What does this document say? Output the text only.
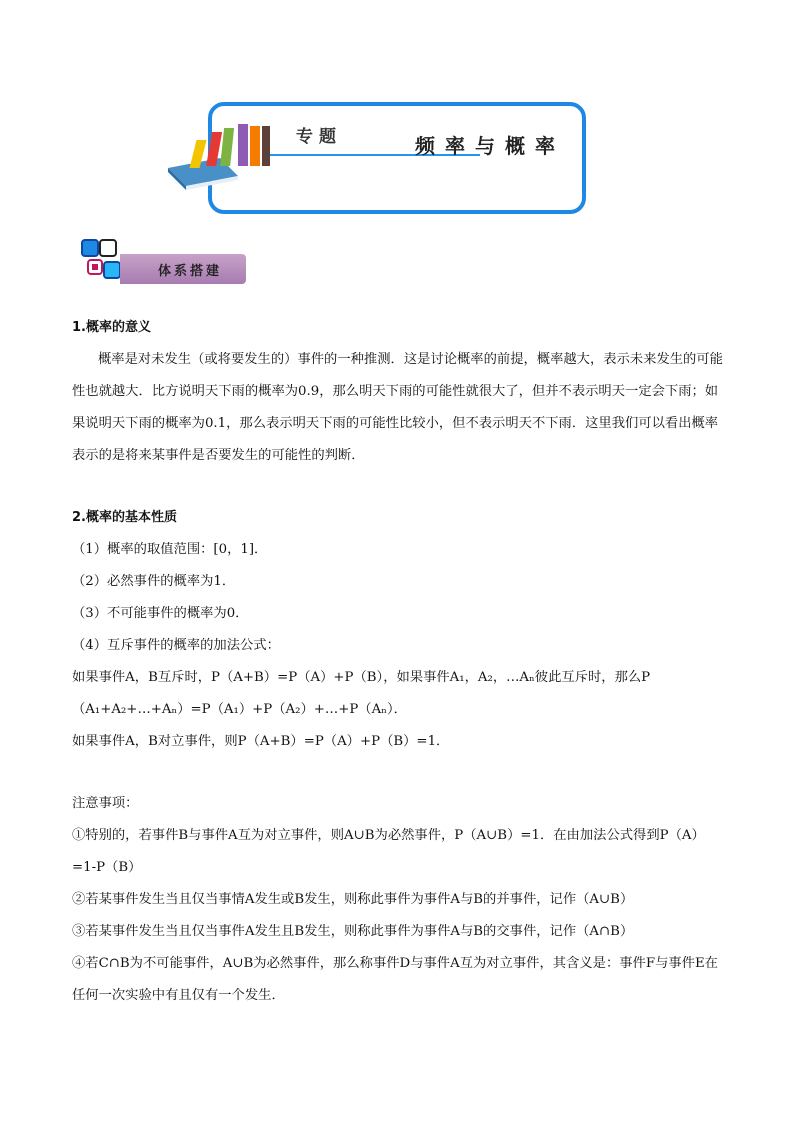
专题	频率与概率
体系搭建
1.概率的意义
概率是对未发生（或将要发生的）事件的一种推测．这是讨论概率的前提，概率越大，表示未来发生的可能性也就越大．比方说明天下雨的概率为0.9，那么明天下雨的可能性就很大了，但并不表示明天一定会下雨；如果说明天下雨的概率为0.1，那么表示明天下雨的可能性比较小，但不表示明天不下雨．这里我们可以看出概率表示的是将来某事件是否要发生的可能性的判断．
2.概率的基本性质
（1）概率的取值范围：[0，1]．
（2）必然事件的概率为1．
（3）不可能事件的概率为0．
（4）互斥事件的概率的加法公式：
如果事件A，B互斥时，P（A+B）=P（A）+P（B），如果事件A₁，A₂，…Aₙ彼此互斥时，那么P（A₁+A₂+…+Aₙ）=P（A₁）+P（A₂）+…+P（Aₙ）．
如果事件A，B对立事件，则P（A+B）=P（A）+P（B）=1．
注意事项：
①特别的，若事件B与事件A互为对立事件，则A∪B为必然事件，P（A∪B）=1．在由加法公式得到P（A）=1-P（B）
②若某事件发生当且仅当事情A发生或B发生，则称此事件为事件A与B的并事件，记作（A∪B）
③若某事件发生当且仅当事件A发生且B发生，则称此事件为事件A与B的交事件，记作（A∩B）
④若C∩B为不可能事件，A∪B为必然事件，那么称事件D与事件A互为对立事件，其含义是：事件F与事件E在任何一次实验中有且仅有一个发生．
